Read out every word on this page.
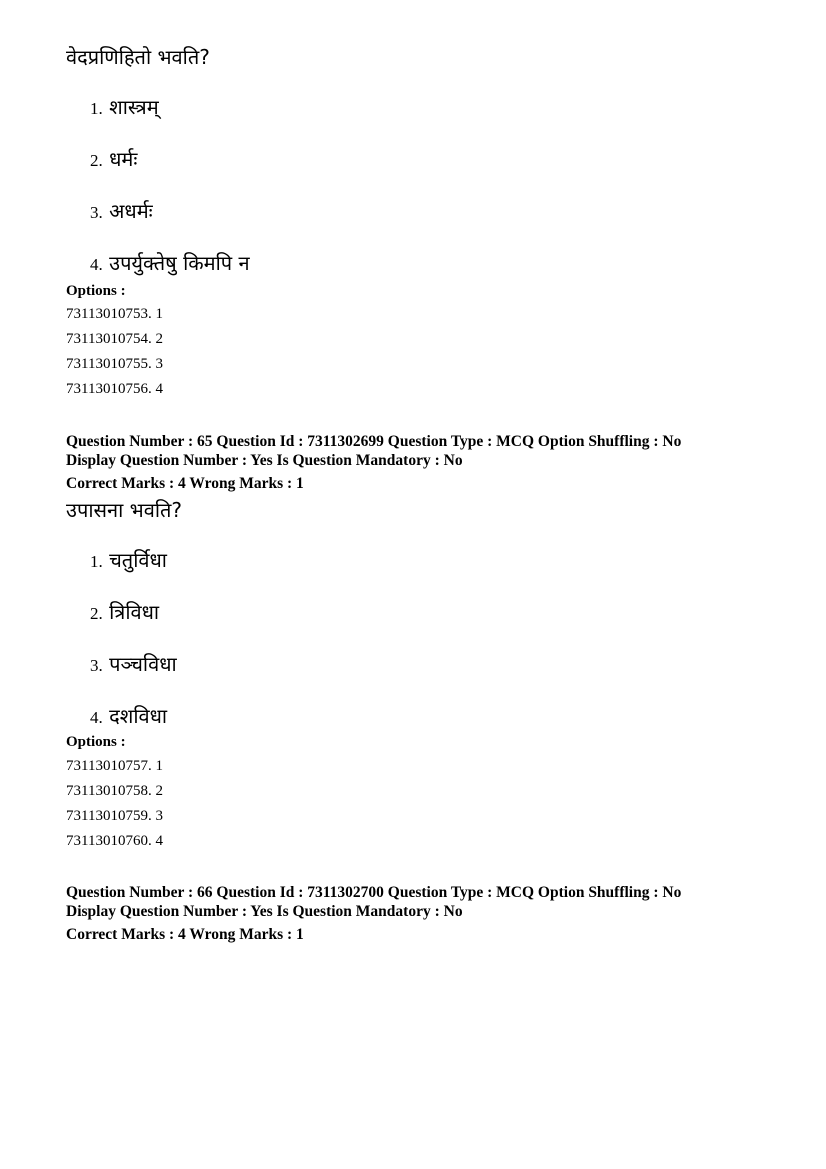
वेदप्रणिहितो भवति?

1. शास्त्रम्
2. धर्मः
3. अधर्मः
4. उपर्युक्तेषु किमपि न
Options :
73113010753. 1
73113010754. 2
73113010755. 3
73113010756. 4
Question Number : 65 Question Id : 7311302699 Question Type : MCQ Option Shuffling : No
Display Question Number : Yes Is Question Mandatory : No
Correct Marks : 4 Wrong Marks : 1

उपासना भवति?

1. चतुर्विधा
2. त्रिविधा
3. पञ्चविधा
4. दशविधा
Options :
73113010757. 1
73113010758. 2
73113010759. 3
73113010760. 4
Question Number : 66 Question Id : 7311302700 Question Type : MCQ Option Shuffling : No
Display Question Number : Yes Is Question Mandatory : No
Correct Marks : 4 Wrong Marks : 1
